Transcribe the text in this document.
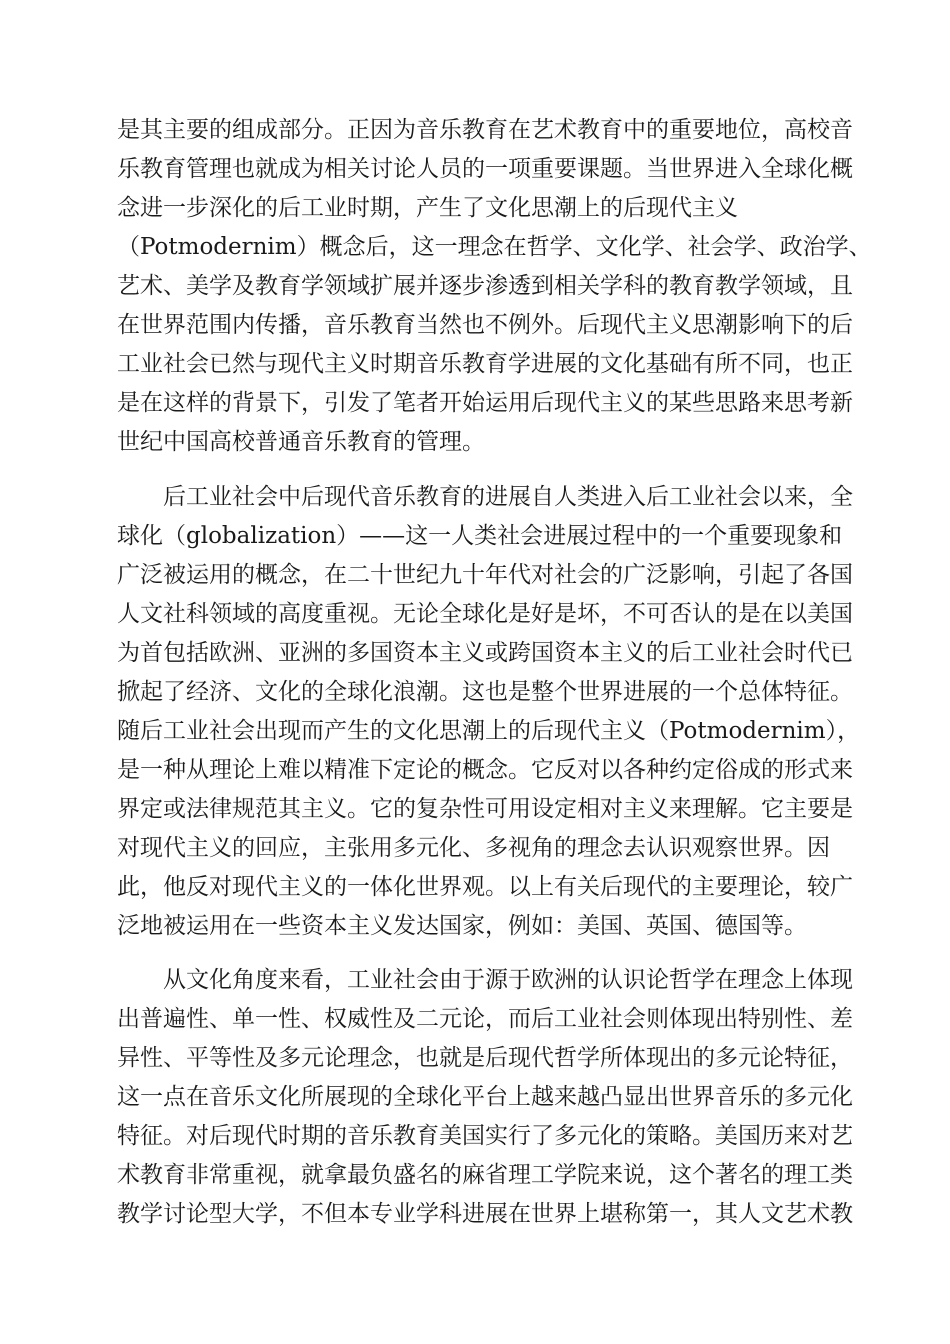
是其主要的组成部分。正因为音乐教育在艺术教育中的重要地位，高校音
乐教育管理也就成为相关讨论人员的一项重要课题。当世界进入全球化概
念进一步深化的后工业时期，产生了文化思潮上的后现代主义
（Potmodernim）概念后，这一理念在哲学、文化学、社会学、政治学、
艺术、美学及教育学领域扩展并逐步渗透到相关学科的教育教学领域，且
在世界范围内传播，音乐教育当然也不例外。后现代主义思潮影响下的后
工业社会已然与现代主义时期音乐教育学进展的文化基础有所不同，也正
是在这样的背景下，引发了笔者开始运用后现代主义的某些思路来思考新
世纪中国高校普通音乐教育的管理。
后工业社会中后现代音乐教育的进展自人类进入后工业社会以来，全
球化（globalization）——这一人类社会进展过程中的一个重要现象和
广泛被运用的概念，在二十世纪九十年代对社会的广泛影响，引起了各国
人文社科领域的高度重视。无论全球化是好是坏，不可否认的是在以美国
为首包括欧洲、亚洲的多国资本主义或跨国资本主义的后工业社会时代已
掀起了经济、文化的全球化浪潮。这也是整个世界进展的一个总体特征。
随后工业社会出现而产生的文化思潮上的后现代主义（Potmodernim），
是一种从理论上难以精准下定论的概念。它反对以各种约定俗成的形式来
界定或法律规范其主义。它的复杂性可用设定相对主义来理解。它主要是
对现代主义的回应，主张用多元化、多视角的理念去认识观察世界。因
此，他反对现代主义的一体化世界观。以上有关后现代的主要理论，较广
泛地被运用在一些资本主义发达国家，例如：美国、英国、德国等。
从文化角度来看，工业社会由于源于欧洲的认识论哲学在理念上体现
出普遍性、单一性、权威性及二元论，而后工业社会则体现出特别性、差
异性、平等性及多元论理念，也就是后现代哲学所体现出的多元论特征，
这一点在音乐文化所展现的全球化平台上越来越凸显出世界音乐的多元化
特征。对后现代时期的音乐教育美国实行了多元化的策略。美国历来对艺
术教育非常重视，就拿最负盛名的麻省理工学院来说，这个著名的理工类
教学讨论型大学，不但本专业学科进展在世界上堪称第一，其人文艺术教
